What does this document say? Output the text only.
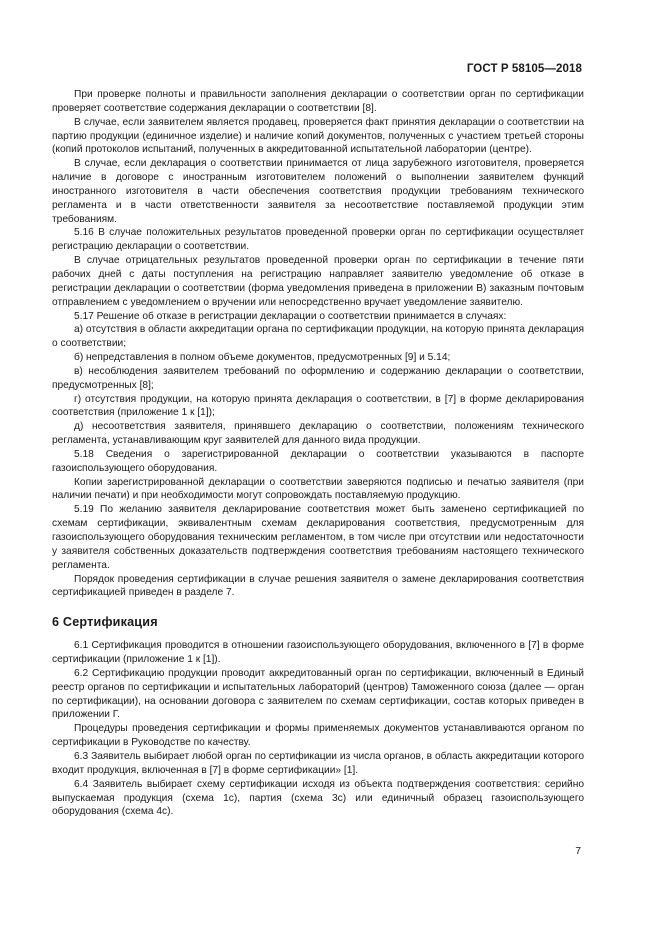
ГОСТ Р 58105—2018

При проверке полноты и правильности заполнения декларации о соответствии орган по сертификации проверяет соответствие содержания декларации о соответствии [8].

В случае, если заявителем является продавец, проверяется факт принятия декларации о соответствии на партию продукции (единичное изделие) и наличие копий документов, полученных с участием третьей стороны (копий протоколов испытаний, полученных в аккредитованной испытательной лаборатории (центре).

В случае, если декларация о соответствии принимается от лица зарубежного изготовителя, проверяется наличие в договоре с иностранным изготовителем положений о выполнении заявителем функций иностранного изготовителя в части обеспечения соответствия продукции требованиям технического регламента и в части ответственности заявителя за несоответствие поставляемой продукции этим требованиям.

5.16 В случае положительных результатов проведенной проверки орган по сертификации осуществляет регистрацию декларации о соответствии.

В случае отрицательных результатов проведенной проверки орган по сертификации в течение пяти рабочих дней с даты поступления на регистрацию направляет заявителю уведомление об отказе в регистрации декларации о соответствии (форма уведомления приведена в приложении В) заказным почтовым отправлением с уведомлением о вручении или непосредственно вручает уведомление заявителю.

5.17 Решение об отказе в регистрации декларации о соответствии принимается в случаях:

а) отсутствия в области аккредитации органа по сертификации продукции, на которую принята декларация о соответствии;

б) непредставления в полном объеме документов, предусмотренных [9] и 5.14;

в) несоблюдения заявителем требований по оформлению и содержанию декларации о соответствии, предусмотренных [8];

г) отсутствия продукции, на которую принята декларация о соответствии, в [7] в форме декларирования соответствия (приложение 1 к [1]);

д) несоответствия заявителя, принявшего декларацию о соответствии, положениям технического регламента, устанавливающим круг заявителей для данного вида продукции.

5.18 Сведения о зарегистрированной декларации о соответствии указываются в паспорте газоиспользующего оборудования.

Копии зарегистрированной декларации о соответствии заверяются подписью и печатью заявителя (при наличии печати) и при необходимости могут сопровождать поставляемую продукцию.

5.19 По желанию заявителя декларирование соответствия может быть заменено сертификацией по схемам сертификации, эквивалентным схемам декларирования соответствия, предусмотренным для газоиспользующего оборудования техническим регламентом, в том числе при отсутствии или недостаточности у заявителя собственных доказательств подтверждения соответствия требованиям настоящего технического регламента.

Порядок проведения сертификации в случае решения заявителя о замене декларирования соответствия сертификацией приведен в разделе 7.

6 Сертификация

6.1 Сертификация проводится в отношении газоиспользующего оборудования, включенного в [7] в форме сертификации (приложение 1 к [1]).

6.2 Сертификацию продукции проводит аккредитованный орган по сертификации, включенный в Единый реестр органов по сертификации и испытательных лабораторий (центров) Таможенного союза (далее — орган по сертификации), на основании договора с заявителем по схемам сертификации, состав которых приведен в приложении Г.

Процедуры проведения сертификации и формы применяемых документов устанавливаются органом по сертификации в Руководстве по качеству.

6.3 Заявитель выбирает любой орган по сертификации из числа органов, в область аккредитации которого входит продукция, включенная в [7] в форме сертификации» [1].

6.4 Заявитель выбирает схему сертификации исходя из объекта подтверждения соответствия: серийно выпускаемая продукция (схема 1с), партия (схема 3с) или единичный образец газоиспользующего оборудования (схема 4с).

7
